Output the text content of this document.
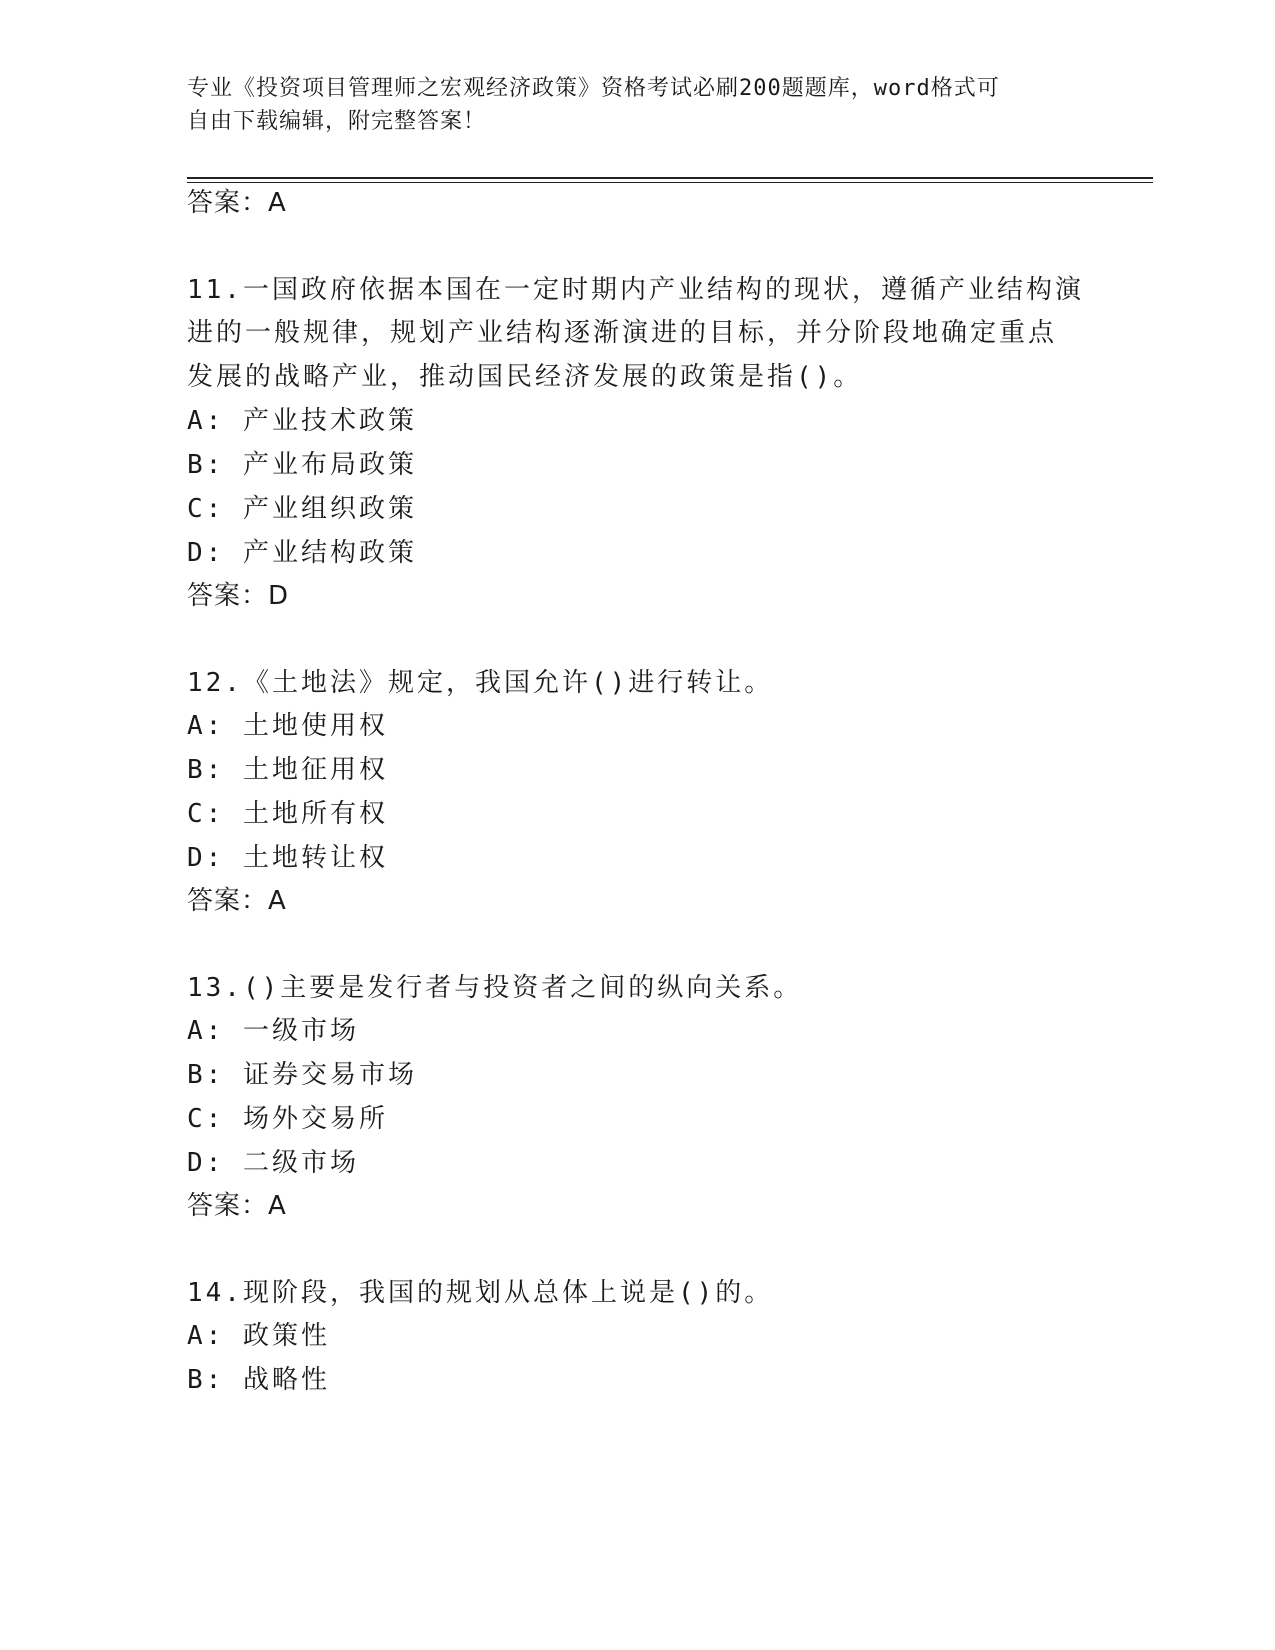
专业《投资项目管理师之宏观经济政策》资格考试必刷200题题库，word格式可
自由下载编辑，附完整答案！
答案：A
11.一国政府依据本国在一定时期内产业结构的现状，遵循产业结构演
进的一般规律，规划产业结构逐渐演进的目标，并分阶段地确定重点
发展的战略产业，推动国民经济发展的政策是指()。
A: 产业技术政策
B: 产业布局政策
C: 产业组织政策
D: 产业结构政策
答案：D
12.《土地法》规定，我国允许()进行转让。
A: 土地使用权
B: 土地征用权
C: 土地所有权
D: 土地转让权
答案：A
13.()主要是发行者与投资者之间的纵向关系。
A: 一级市场
B: 证券交易市场
C: 场外交易所
D: 二级市场
答案：A
14.现阶段，我国的规划从总体上说是()的。
A: 政策性
B: 战略性
